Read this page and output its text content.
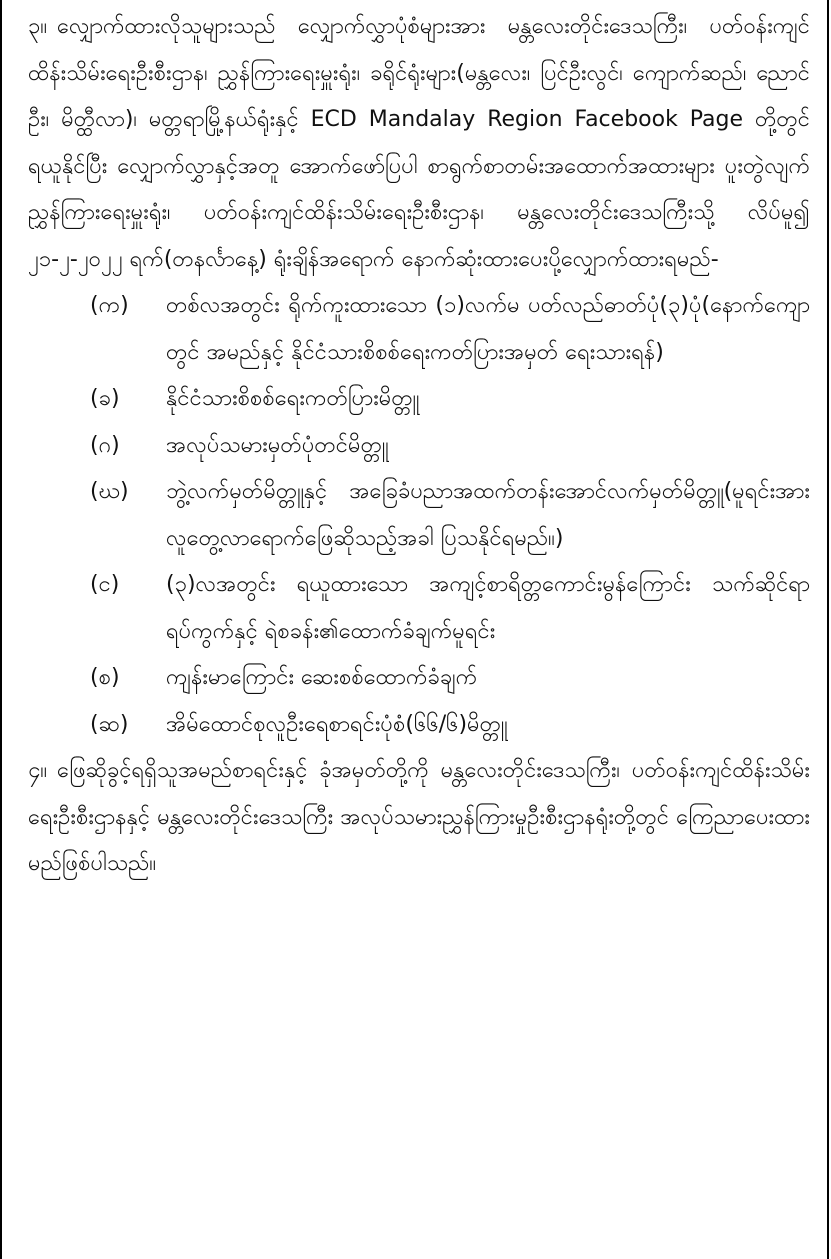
၃။ လျှောက်ထားလိုသူများသည် လျှောက်လွှာပုံစံများအား မန္တလေးတိုင်းဒေသကြီး၊ ပတ်ဝန်းကျင်ထိန်းသိမ်းရေးဦးစီးဌာန၊ ညွှန်ကြားရေးမှူးရုံး၊ ခရိုင်ရုံးများ(မန္တလေး၊ ပြင်ဦးလွင်၊ ကျောက်ဆည်၊ ညောင်ဦး၊ မိတ္ထီလာ)၊ မတ္တရာမြို့နယ်ရုံးနှင့် ECD Mandalay Region Facebook Page တို့တွင် ရယူနိုင်ပြီး လျှောက်လွှာနှင့်အတူ အောက်ဖော်ပြပါ စာရွက်စာတမ်းအထောက်အထားများ ပူးတွဲလျက် ညွှန်ကြားရေးမှူးရုံး၊ ပတ်ဝန်းကျင်ထိန်းသိမ်းရေးဦးစီးဌာန၊ မန္တလေးတိုင်းဒေသကြီးသို့ လိပ်မူ၍ ၂၁-၂-၂၀၂၂ ရက်(တနင်္လာနေ့) ရုံးချိန်အရောက် နောက်ဆုံးထားပေးပို့လျှောက်ထားရမည်-

(က)	တစ်လအတွင်း ရိုက်ကူးထားသော (၁)လက်မ ပတ်လည်ဓာတ်ပုံ(၃)ပုံ(နောက်ကျောတွင် အမည်နှင့် နိုင်ငံသားစိစစ်ရေးကတ်ပြားအမှတ် ရေးသားရန်)
(ခ)	နိုင်ငံသားစိစစ်ရေးကတ်ပြားမိတ္တူ
(ဂ)	အလုပ်သမားမှတ်ပုံတင်မိတ္တူ
(ဃ)	ဘွဲ့လက်မှတ်မိတ္တူနှင့် အခြေခံပညာအထက်တန်းအောင်လက်မှတ်မိတ္တူ(မူရင်းအား လူတွေ့လာရောက်ဖြေဆိုသည့်အခါ ပြသနိုင်ရမည်။)
(င)	(၃)လအတွင်း ရယူထားသော အကျင့်စာရိတ္တကောင်းမွန်ကြောင်း သက်ဆိုင်ရာ ရပ်ကွက်နှင့် ရဲစခန်း၏ထောက်ခံချက်မူရင်း
(စ)	ကျန်းမာကြောင်း ဆေးစစ်ထောက်ခံချက်
(ဆ)	အိမ်ထောင်စုလူဦးရေစာရင်းပုံစံ(၆၆/၆)မိတ္တူ

၄။ ဖြေဆိုခွင့်ရရှိသူအမည်စာရင်းနှင့် ခုံအမှတ်တို့ကို မန္တလေးတိုင်းဒေသကြီး၊ ပတ်ဝန်းကျင်ထိန်းသိမ်းရေးဦးစီးဌာနနှင့် မန္တလေးတိုင်းဒေသကြီး အလုပ်သမားညွှန်ကြားမှုဦးစီးဌာနရုံးတို့တွင် ကြေညာပေးထားမည်ဖြစ်ပါသည်။
